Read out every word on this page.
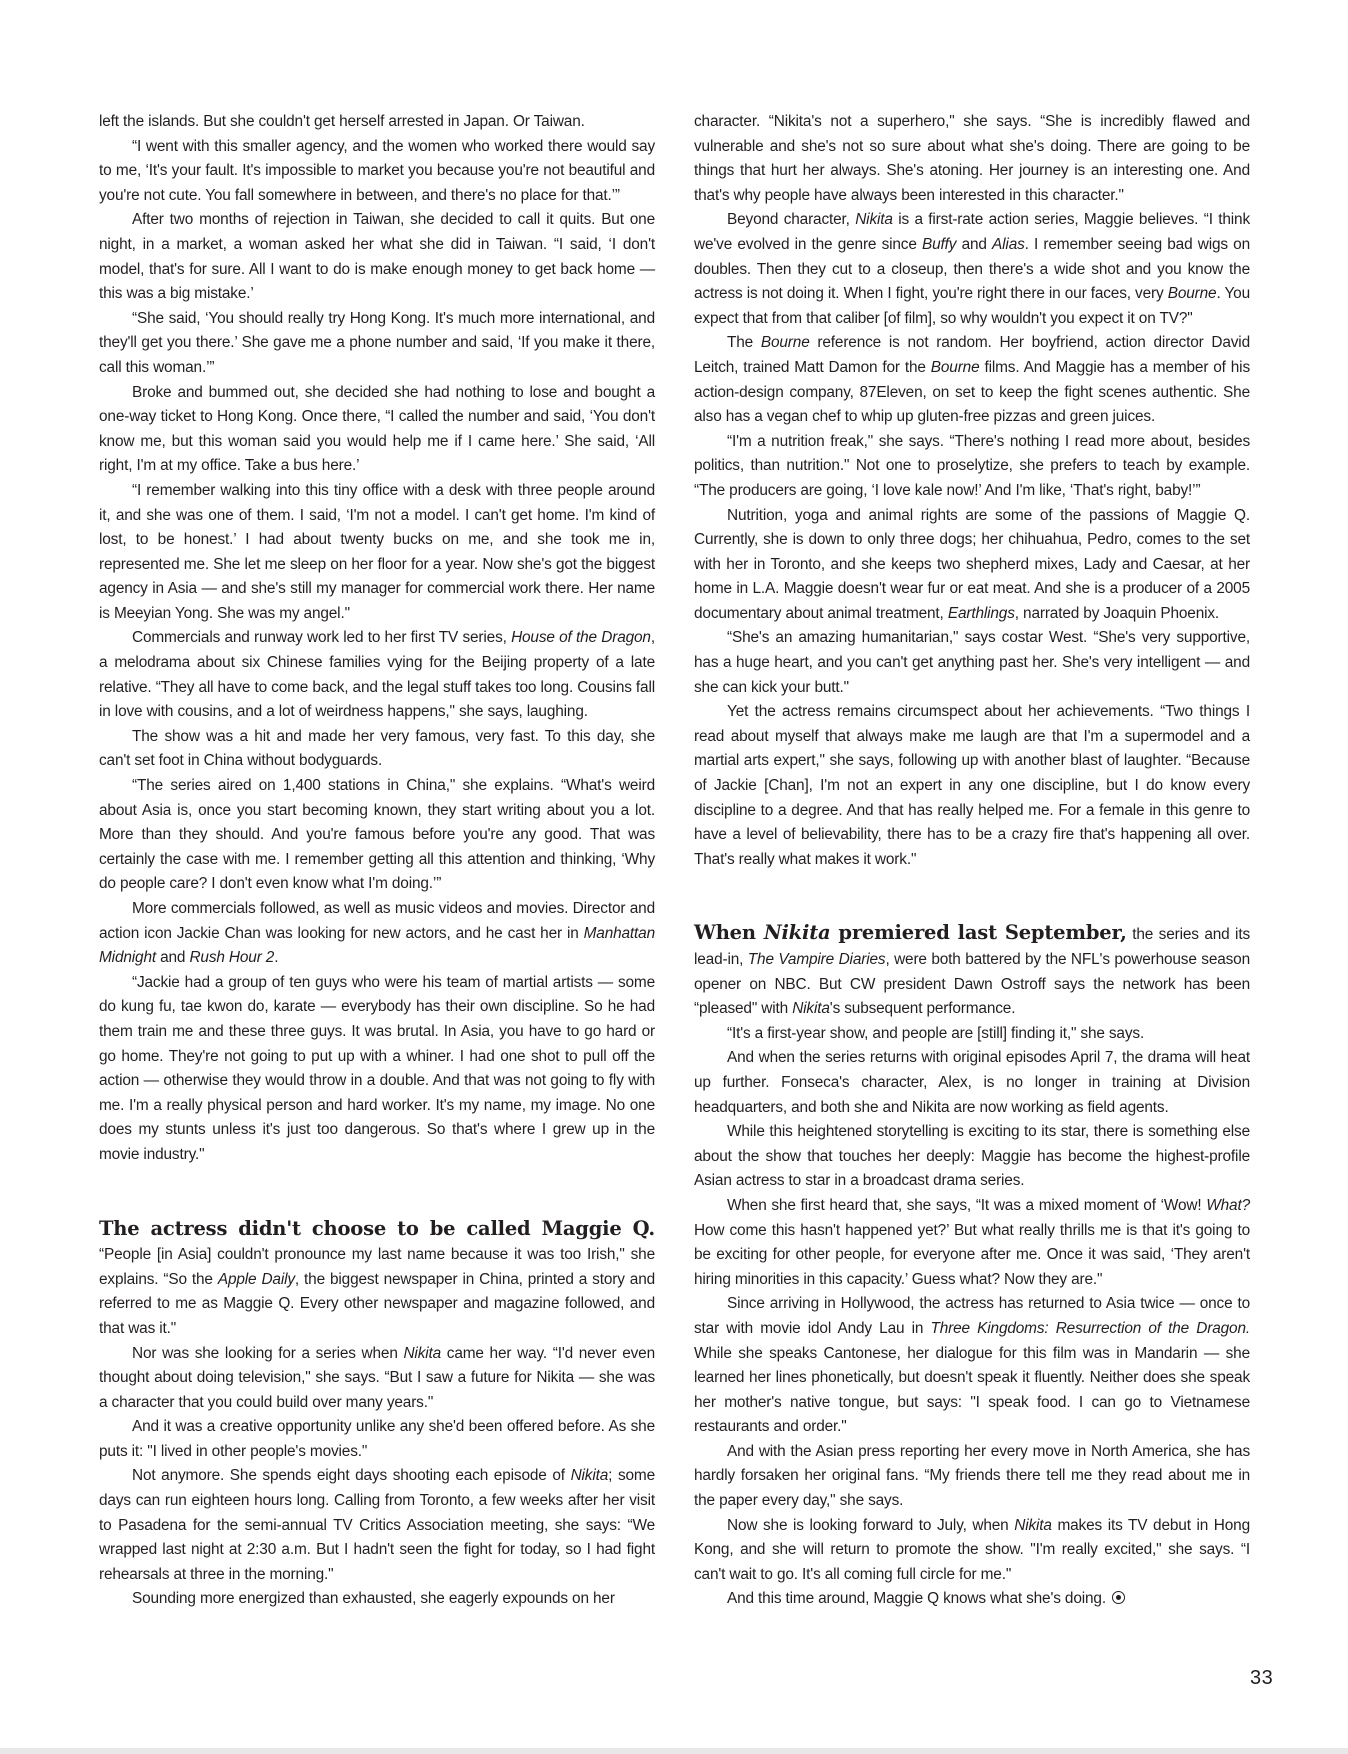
left the islands. But she couldn't get herself arrested in Japan. Or Taiwan.

“I went with this smaller agency, and the women who worked there would say to me, ‘It's your fault. It's impossible to market you because you're not beautiful and you're not cute. You fall somewhere in between, and there's no place for that.’”

After two months of rejection in Taiwan, she decided to call it quits. But one night, in a market, a woman asked her what she did in Taiwan. “I said, ‘I don't model, that's for sure. All I want to do is make enough money to get back home — this was a big mistake.’

“She said, ‘You should really try Hong Kong. It's much more international, and they'll get you there.’ She gave me a phone number and said, ‘If you make it there, call this woman.’”

Broke and bummed out, she decided she had nothing to lose and bought a one-way ticket to Hong Kong. Once there, “I called the number and said, ‘You don't know me, but this woman said you would help me if I came here.’ She said, ‘All right, I'm at my office. Take a bus here.’

“I remember walking into this tiny office with a desk with three people around it, and she was one of them. I said, ‘I'm not a model. I can't get home. I'm kind of lost, to be honest.’ I had about twenty bucks on me, and she took me in, represented me. She let me sleep on her floor for a year. Now she's got the biggest agency in Asia — and she's still my manager for commercial work there. Her name is Meeyian Yong. She was my angel."

Commercials and runway work led to her first TV series, House of the Dragon, a melodrama about six Chinese families vying for the Beijing property of a late relative. “They all have to come back, and the legal stuff takes too long. Cousins fall in love with cousins, and a lot of weirdness happens," she says, laughing.

The show was a hit and made her very famous, very fast. To this day, she can't set foot in China without bodyguards.

“The series aired on 1,400 stations in China," she explains. “What's weird about Asia is, once you start becoming known, they start writing about you a lot. More than they should. And you're famous before you're any good. That was certainly the case with me. I remember getting all this attention and thinking, ‘Why do people care? I don't even know what I'm doing.’”

More commercials followed, as well as music videos and movies. Director and action icon Jackie Chan was looking for new actors, and he cast her in Manhattan Midnight and Rush Hour 2.

“Jackie had a group of ten guys who were his team of martial artists — some do kung fu, tae kwon do, karate — everybody has their own discipline. So he had them train me and these three guys. It was brutal. In Asia, you have to go hard or go home. They're not going to put up with a whiner. I had one shot to pull off the action — otherwise they would throw in a double. And that was not going to fly with me. I'm a really physical person and hard worker. It's my name, my image. No one does my stunts unless it's just too dangerous. So that's where I grew up in the movie industry."

The actress didn't choose to be called Maggie Q. “People [in Asia] couldn't pronounce my last name because it was too Irish," she explains. “So the Apple Daily, the biggest newspaper in China, printed a story and referred to me as Maggie Q. Every other newspaper and magazine followed, and that was it."

Nor was she looking for a series when Nikita came her way. “I'd never even thought about doing television," she says. “But I saw a future for Nikita — she was a character that you could build over many years."

And it was a creative opportunity unlike any she'd been offered before. As she puts it: "I lived in other people's movies."

Not anymore. She spends eight days shooting each episode of Nikita; some days can run eighteen hours long. Calling from Toronto, a few weeks after her visit to Pasadena for the semi-annual TV Critics Association meeting, she says: “We wrapped last night at 2:30 a.m. But I hadn't seen the fight for today, so I had fight rehearsals at three in the morning."

Sounding more energized than exhausted, she eagerly expounds on her

character. “Nikita's not a superhero," she says. “She is incredibly flawed and vulnerable and she's not so sure about what she's doing. There are going to be things that hurt her always. She's atoning. Her journey is an interesting one. And that's why people have always been interested in this character."

Beyond character, Nikita is a first-rate action series, Maggie believes. “I think we've evolved in the genre since Buffy and Alias. I remember seeing bad wigs on doubles. Then they cut to a closeup, then there's a wide shot and you know the actress is not doing it. When I fight, you're right there in our faces, very Bourne. You expect that from that caliber [of film], so why wouldn't you expect it on TV?"

The Bourne reference is not random. Her boyfriend, action director David Leitch, trained Matt Damon for the Bourne films. And Maggie has a member of his action-design company, 87Eleven, on set to keep the fight scenes authentic. She also has a vegan chef to whip up gluten-free pizzas and green juices.

“I'm a nutrition freak," she says. “There's nothing I read more about, besides politics, than nutrition." Not one to proselytize, she prefers to teach by example. “The producers are going, ‘I love kale now!’ And I'm like, ‘That's right, baby!’”

Nutrition, yoga and animal rights are some of the passions of Maggie Q. Currently, she is down to only three dogs; her chihuahua, Pedro, comes to the set with her in Toronto, and she keeps two shepherd mixes, Lady and Caesar, at her home in L.A. Maggie doesn't wear fur or eat meat. And she is a producer of a 2005 documentary about animal treatment, Earthlings, narrated by Joaquin Phoenix.

“She's an amazing humanitarian," says costar West. “She's very supportive, has a huge heart, and you can't get anything past her. She's very intelligent — and she can kick your butt."

Yet the actress remains circumspect about her achievements. “Two things I read about myself that always make me laugh are that I'm a supermodel and a martial arts expert," she says, following up with another blast of laughter. “Because of Jackie [Chan], I'm not an expert in any one discipline, but I do know every discipline to a degree. And that has really helped me. For a female in this genre to have a level of believability, there has to be a crazy fire that's happening all over. That's really what makes it work."

When Nikita premiered last September, the series and its lead-in, The Vampire Diaries, were both battered by the NFL's powerhouse season opener on NBC. But CW president Dawn Ostroff says the network has been “pleased" with Nikita's subsequent performance.

“It's a first-year show, and people are [still] finding it," she says.

And when the series returns with original episodes April 7, the drama will heat up further. Fonseca's character, Alex, is no longer in training at Division headquarters, and both she and Nikita are now working as field agents.

While this heightened storytelling is exciting to its star, there is something else about the show that touches her deeply: Maggie has become the highest-profile Asian actress to star in a broadcast drama series.

When she first heard that, she says, “It was a mixed moment of ‘Wow! What? How come this hasn't happened yet?’ But what really thrills me is that it's going to be exciting for other people, for everyone after me. Once it was said, ‘They aren't hiring minorities in this capacity.’ Guess what? Now they are."

Since arriving in Hollywood, the actress has returned to Asia twice — once to star with movie idol Andy Lau in Three Kingdoms: Resurrection of the Dragon. While she speaks Cantonese, her dialogue for this film was in Mandarin — she learned her lines phonetically, but doesn't speak it fluently. Neither does she speak her mother's native tongue, but says: "I speak food. I can go to Vietnamese restaurants and order."

And with the Asian press reporting her every move in North America, she has hardly forsaken her original fans. “My friends there tell me they read about me in the paper every day," she says.

Now she is looking forward to July, when Nikita makes its TV debut in Hong Kong, and she will return to promote the show. "I'm really excited," she says. “I can't wait to go. It's all coming full circle for me."

And this time around, Maggie Q knows what she's doing.

33
